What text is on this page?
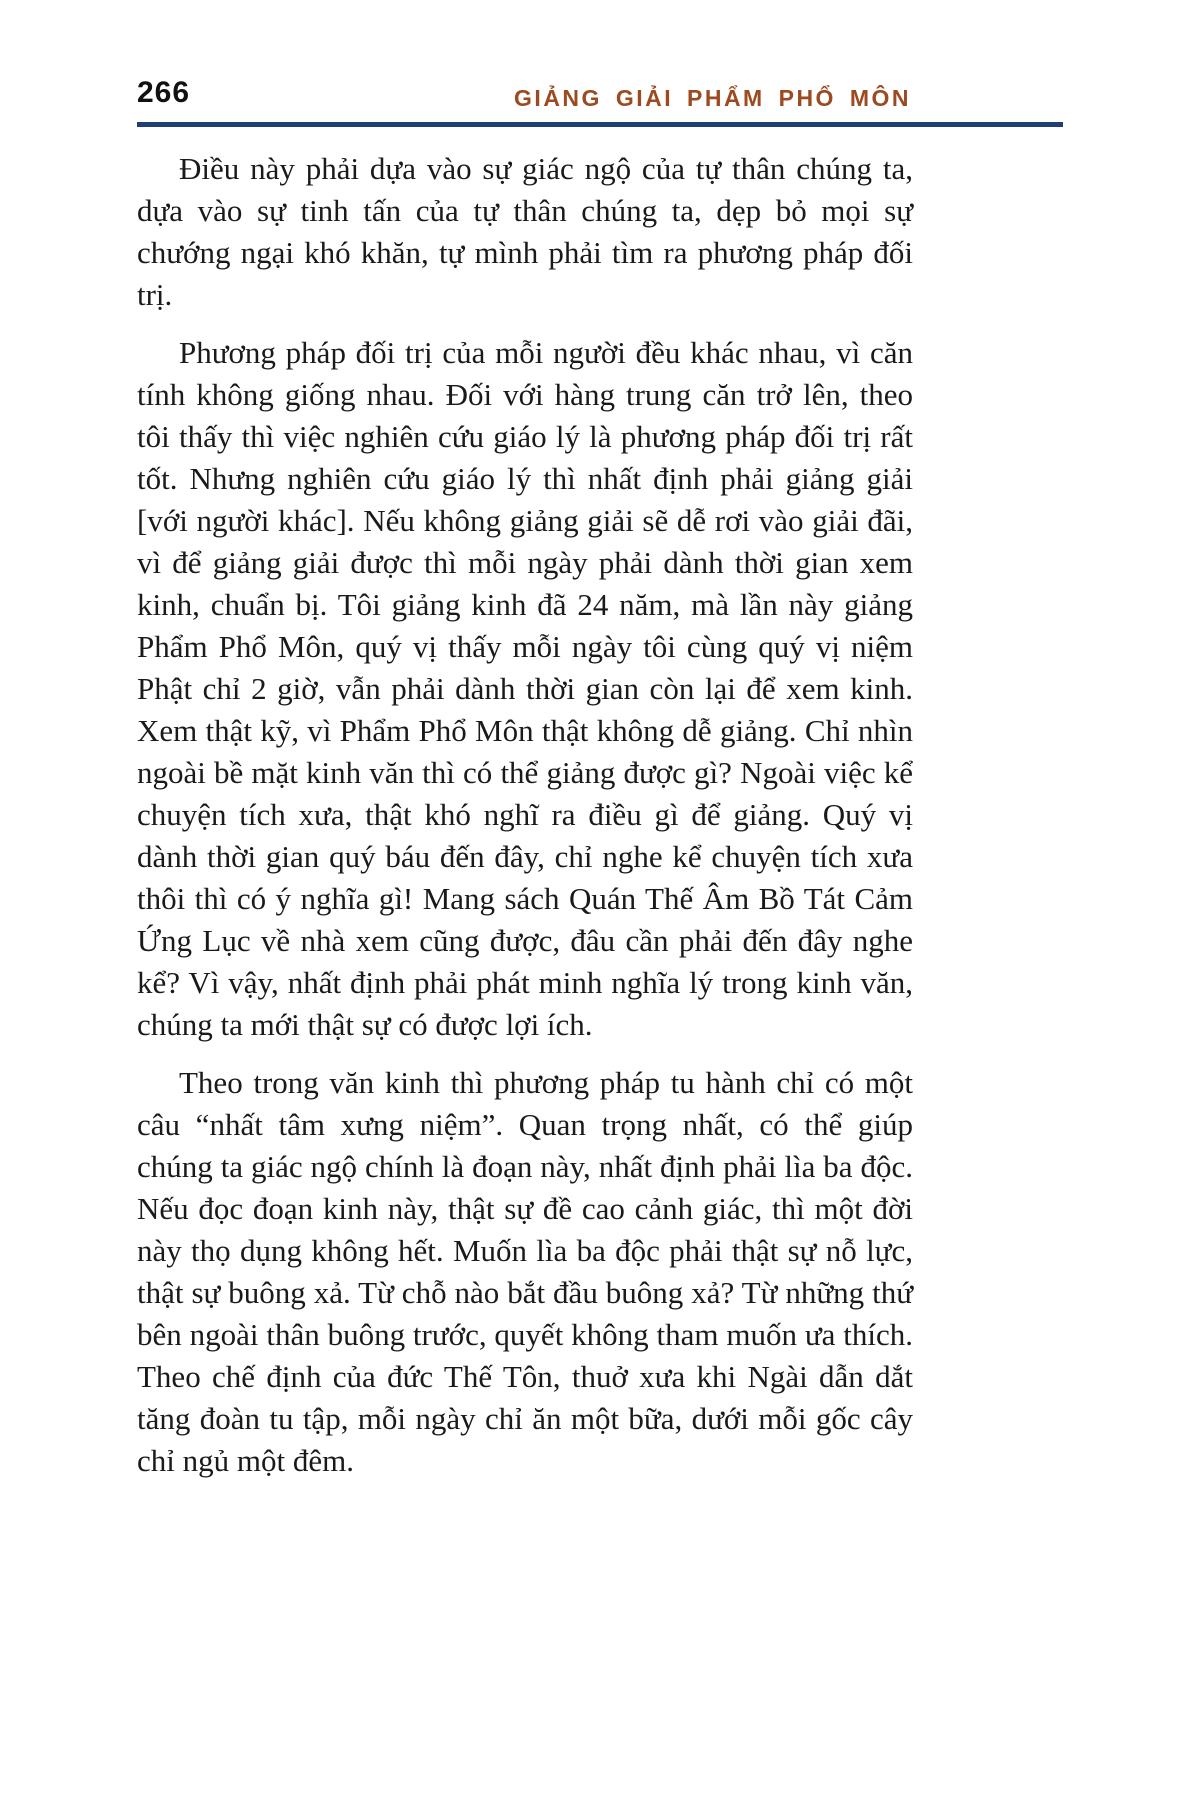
266	GIẢNG GIẢI PHẨM PHỔ MÔN

Điều này phải dựa vào sự giác ngộ của tự thân chúng ta, dựa vào sự tinh tấn của tự thân chúng ta, dẹp bỏ mọi sự chướng ngại khó khăn, tự mình phải tìm ra phương pháp đối trị.

Phương pháp đối trị của mỗi người đều khác nhau, vì căn tính không giống nhau. Đối với hàng trung căn trở lên, theo tôi thấy thì việc nghiên cứu giáo lý là phương pháp đối trị rất tốt. Nhưng nghiên cứu giáo lý thì nhất định phải giảng giải [với người khác]. Nếu không giảng giải sẽ dễ rơi vào giải đãi, vì để giảng giải được thì mỗi ngày phải dành thời gian xem kinh, chuẩn bị. Tôi giảng kinh đã 24 năm, mà lần này giảng Phẩm Phổ Môn, quý vị thấy mỗi ngày tôi cùng quý vị niệm Phật chỉ 2 giờ, vẫn phải dành thời gian còn lại để xem kinh. Xem thật kỹ, vì Phẩm Phổ Môn thật không dễ giảng. Chỉ nhìn ngoài bề mặt kinh văn thì có thể giảng được gì? Ngoài việc kể chuyện tích xưa, thật khó nghĩ ra điều gì để giảng. Quý vị dành thời gian quý báu đến đây, chỉ nghe kể chuyện tích xưa thôi thì có ý nghĩa gì! Mang sách Quán Thế Âm Bồ Tát Cảm Ứng Lục về nhà xem cũng được, đâu cần phải đến đây nghe kể? Vì vậy, nhất định phải phát minh nghĩa lý trong kinh văn, chúng ta mới thật sự có được lợi ích.

Theo trong văn kinh thì phương pháp tu hành chỉ có một câu “nhất tâm xưng niệm”. Quan trọng nhất, có thể giúp chúng ta giác ngộ chính là đoạn này, nhất định phải lìa ba độc. Nếu đọc đoạn kinh này, thật sự đề cao cảnh giác, thì một đời này thọ dụng không hết. Muốn lìa ba độc phải thật sự nỗ lực, thật sự buông xả. Từ chỗ nào bắt đầu buông xả? Từ những thứ bên ngoài thân buông trước, quyết không tham muốn ưa thích. Theo chế định của đức Thế Tôn, thuở xưa khi Ngài dẫn dắt tăng đoàn tu tập, mỗi ngày chỉ ăn một bữa, dưới mỗi gốc cây chỉ ngủ một đêm.
